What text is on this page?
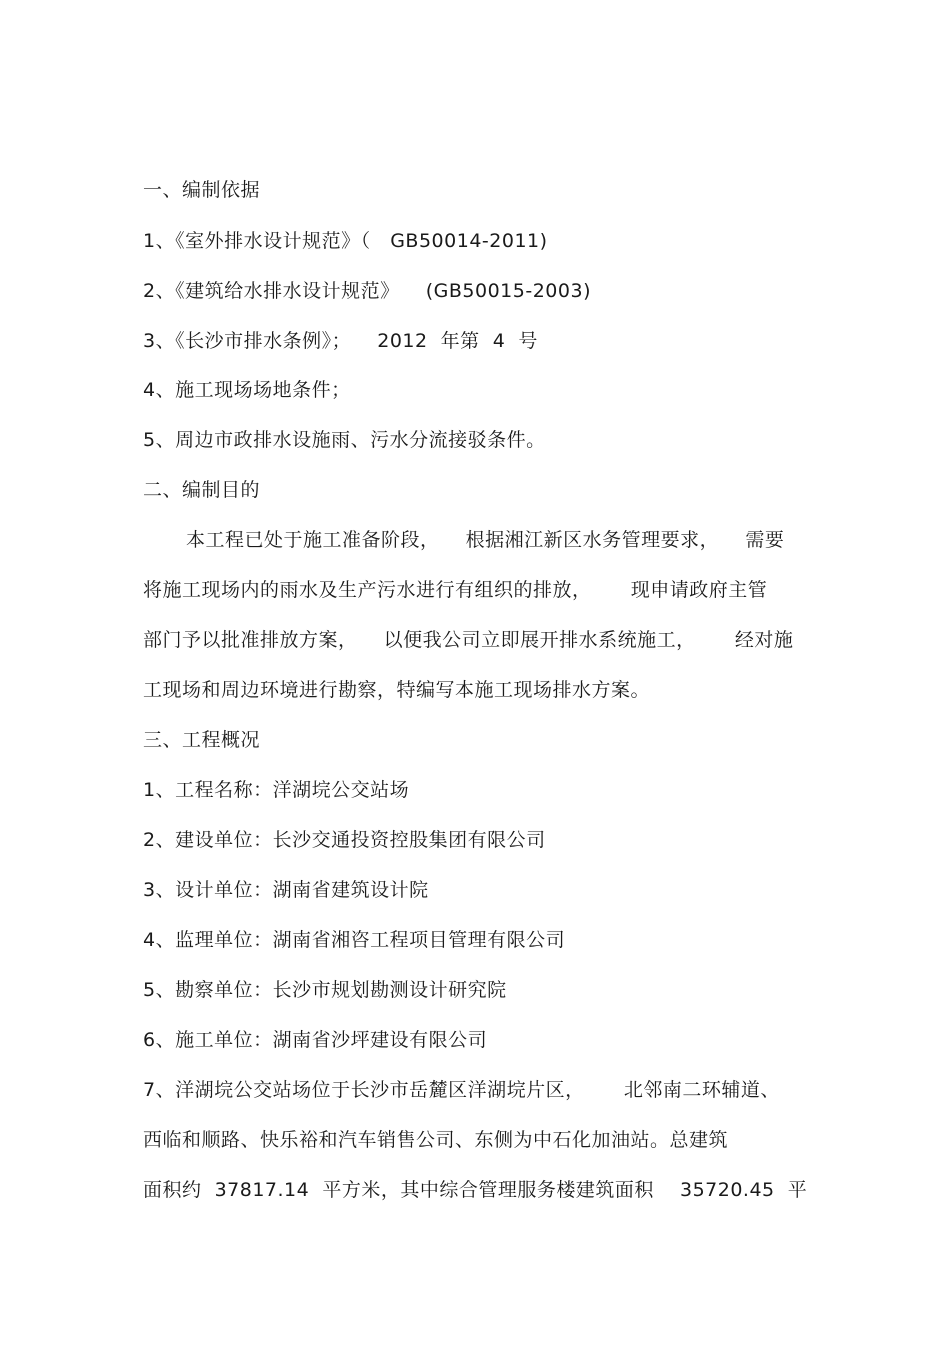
一、编制依据
1、《室外排水设计规范》（   GB50014-2011)
2、《建筑给水排水设计规范》    (GB50015-2003)
3、《长沙市排水条例》；    2012  年第  4  号
4、施工现场场地条件；
5、周边市政排水设施雨、污水分流接驳条件。
二、编制目的
本工程已处于施工准备阶段，    根据湘江新区水务管理要求，    需要
将施工现场内的雨水及生产污水进行有组织的排放，      现申请政府主管
部门予以批准排放方案，    以便我公司立即展开排水系统施工，      经对施
工现场和周边环境进行勘察，特编写本施工现场排水方案。
三、工程概况
1、工程名称：洋湖垸公交站场
2、建设单位：长沙交通投资控股集团有限公司
3、设计单位：湖南省建筑设计院
4、监理单位：湖南省湘咨工程项目管理有限公司
5、勘察单位：长沙市规划勘测设计研究院
6、施工单位：湖南省沙坪建设有限公司
7、洋湖垸公交站场位于长沙市岳麓区洋湖垸片区，      北邻南二环辅道、
西临和顺路、快乐裕和汽车销售公司、东侧为中石化加油站。总建筑
面积约  37817.14  平方米，其中综合管理服务楼建筑面积    35720.45  平
